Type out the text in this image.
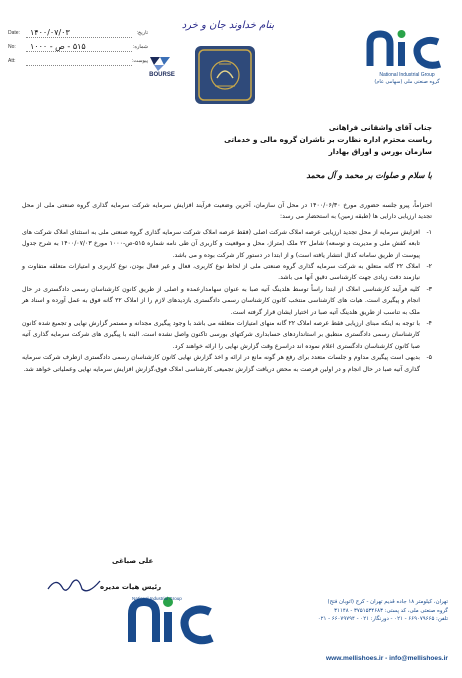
Date: ۱۴۰۰/۰۷/۰۳	تاریخ:
No: ۵۱۵ - ص - ۱۰۰۰	شماره:
Att:	پیوست:
BOURSE
بنام خداوند جان و خرد
National Industrial Group
گروه صنعتی ملی (سهامی عام)
جناب آقای واشقانی فراهانی
ریاست محترم اداره نظارت بر ناشران گروه مالی و خدماتی
سازمان بورس و اوراق بهادار
با سلام و صلوات بر محمد و آل محمد

احتراماً، پیرو جلسه حضوری مورخ ۱۴۰۰/۰۶/۳۰ در محل آن سازمان، آخرین وضعیت فرآیند افزایش سرمایه شرکت سرمایه گذاری گروه صنعتی ملی از محل تجدید ارزیابی دارایی ها (طبقه زمین) به استحضار می رسد:

۱-
افزایش سرمایه از محل تجدید ارزیابی عرصه املاک شرکت اصلی (فقط عرصه املاک شرکت سرمایه گذاری گروه صنعتی ملی به استثنای املاک شرکت های تابعه کفش ملی و مدیریت و توسعه) شامل ۲۲ ملک (متراژ، محل و موقعیت و کاربری آن طی نامه شماره ۵۱۵-ص-۱۰۰۰ مورخ ۱۴۰۰/۰۷/۰۳ به شرح جدول پیوست از طریق سامانه کدال انتشار یافته است) و از ابتدا در دستور کار شرکت بوده و می باشد.
۲-
املاک ۲۲ گانه متعلق به شرکت سرمایه گذاری گروه صنعتی ملی از لحاظ نوع کاربری، فعال و غیر فعال بودن، نوع کاربری و امتیازات متعلقه متفاوت و نیازمند دقت زیادی جهت کارشناسی دقیق آنها می باشد.
۳-
کلیه فرآیند کارشناسی املاک از ابتدا راساً توسط هلدینگ آتیه صبا به عنوان سهامدارعمده و اصلی از طریق کانون کارشناسان رسمی دادگستری در حال انجام و پیگیری است. هیات های کارشناسی منتخب کانون کارشناسان رسمی دادگستری بازدیدهای لازم را از املاک ۲۲ گانه فوق به عمل آورده و اسناد هر ملک به تناسب از طریق هلدینگ آتیه صبا در اختیار ایشان قرار گرفته است.
۴-
با توجه به اینکه مبنای ارزیابی فقط عرصه املاک ۲۲ گانه منهای امتیازات متعلقه می باشد با وجود پیگیری مجدانه و مستمر گزارش نهایی و تجمیع شده کانون کارشناسان رسمی دادگستری منطبق بر استانداردهای حسابداری شرکتهای بورسی تاکنون واصل نشده است. البته با پیگیری های شرکت سرمایه گذاری آتیه صبا کانون کارشناسان دادگستری اعلام نموده اند دراسرع وقت گزارش نهایی را ارائه خواهند کرد.
۵-
بدیهی است پیگیری مداوم و جلسات متعدد برای رفع هر گونه مانع در ارائه و اخذ گزارش نهایی کانون کارشناسان رسمی دادگستری ازطرف شرکت سرمایه گذاری آتیه صبا در حال انجام و در اولین فرصت به محض دریافت گزارش تجمیعی کارشناسی املاک فوق،گزارش افزایش سرمایه نهایی وعملیاتی خواهد شد.
علی صباغی
رئیس هیات مدیره
National Industrial Group
تهران، کیلومتر ۱۸ جاده قدیم تهران - کرج (اتوبان فتح)
گروه صنعتی ملی، کد پستی: ۳۷۵۱۵۳۴۶۸۳ - ۳۱۱۴۸
تلفن: ۶۶۹۰۷۹۶۶۵ - ۰۲۱ - دورنگار: ۰۲۱ - ۶۶۰۷۹۷۹۴ - ۰۲۱
www.mellishoes.ir - info@mellishoes.ir
